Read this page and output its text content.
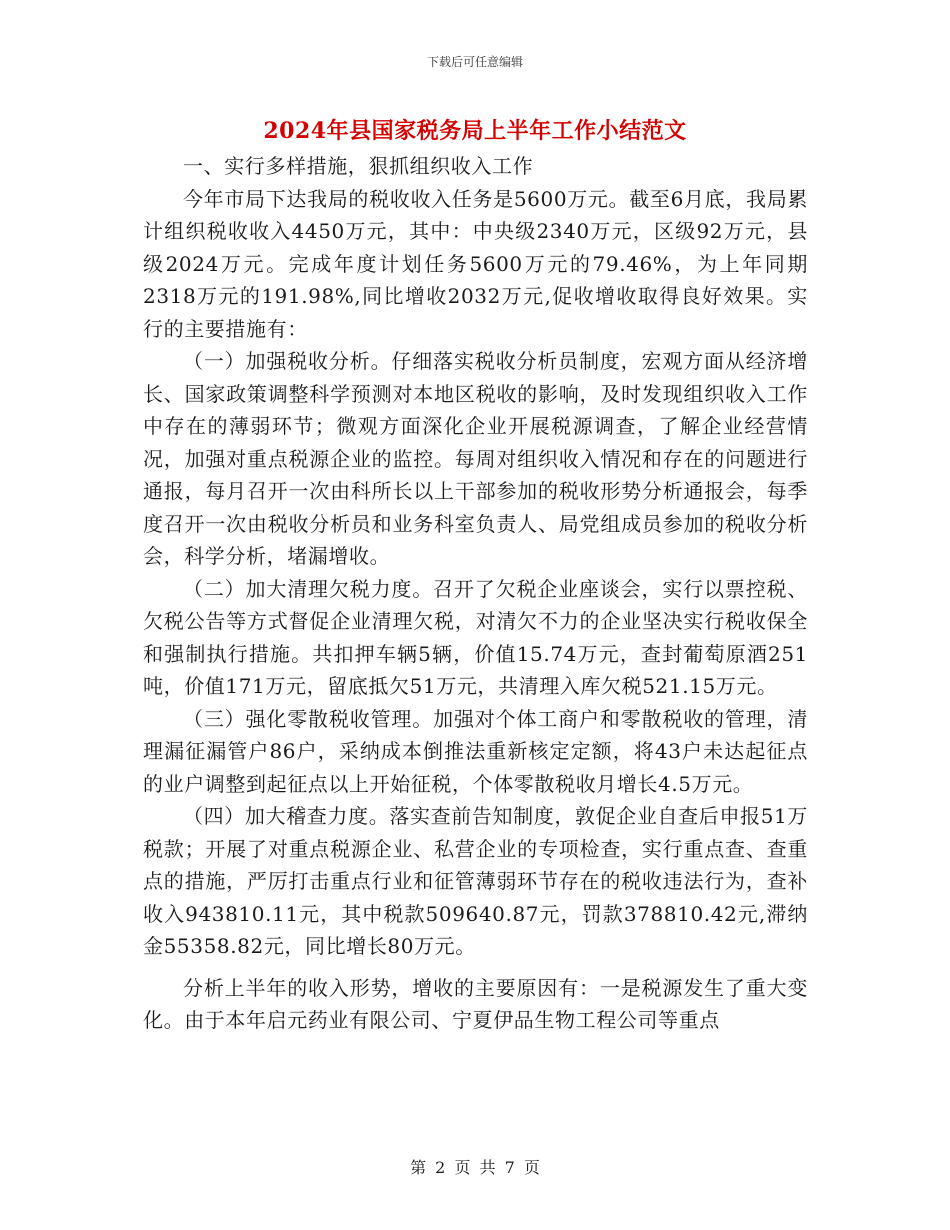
下载后可任意编辑
2024年县国家税务局上半年工作小结范文

一、实行多样措施，狠抓组织收入工作

今年市局下达我局的税收收入任务是5600万元。截至6月底，我局累计组织税收收入4450万元，其中：中央级2340万元，区级92万元，县级2024万元。完成年度计划任务5600万元的79.46%，为上年同期2318万元的191.98%,同比增收2032万元,促收增收取得良好效果。实行的主要措施有：

（一）加强税收分析。仔细落实税收分析员制度，宏观方面从经济增长、国家政策调整科学预测对本地区税收的影响，及时发现组织收入工作中存在的薄弱环节；微观方面深化企业开展税源调查，了解企业经营情况，加强对重点税源企业的监控。每周对组织收入情况和存在的问题进行通报，每月召开一次由科所长以上干部参加的税收形势分析通报会，每季度召开一次由税收分析员和业务科室负责人、局党组成员参加的税收分析会，科学分析，堵漏增收。

（二）加大清理欠税力度。召开了欠税企业座谈会，实行以票控税、欠税公告等方式督促企业清理欠税，对清欠不力的企业坚决实行税收保全和强制执行措施。共扣押车辆5辆，价值15.74万元，查封葡萄原酒251吨，价值171万元，留底抵欠51万元，共清理入库欠税521.15万元。

（三）强化零散税收管理。加强对个体工商户和零散税收的管理，清理漏征漏管户86户，采纳成本倒推法重新核定定额，将43户未达起征点的业户调整到起征点以上开始征税，个体零散税收月增长4.5万元。

（四）加大稽查力度。落实查前告知制度，敦促企业自查后申报51万税款；开展了对重点税源企业、私营企业的专项检查，实行重点查、查重点的措施，严厉打击重点行业和征管薄弱环节存在的税收违法行为，查补收入943810.11元，其中税款509640.87元，罚款378810.42元,滞纳金55358.82元，同比增长80万元。

分析上半年的收入形势，增收的主要原因有：一是税源发生了重大变化。由于本年启元药业有限公司、宁夏伊品生物工程公司等重点

第 2 页 共 7 页
